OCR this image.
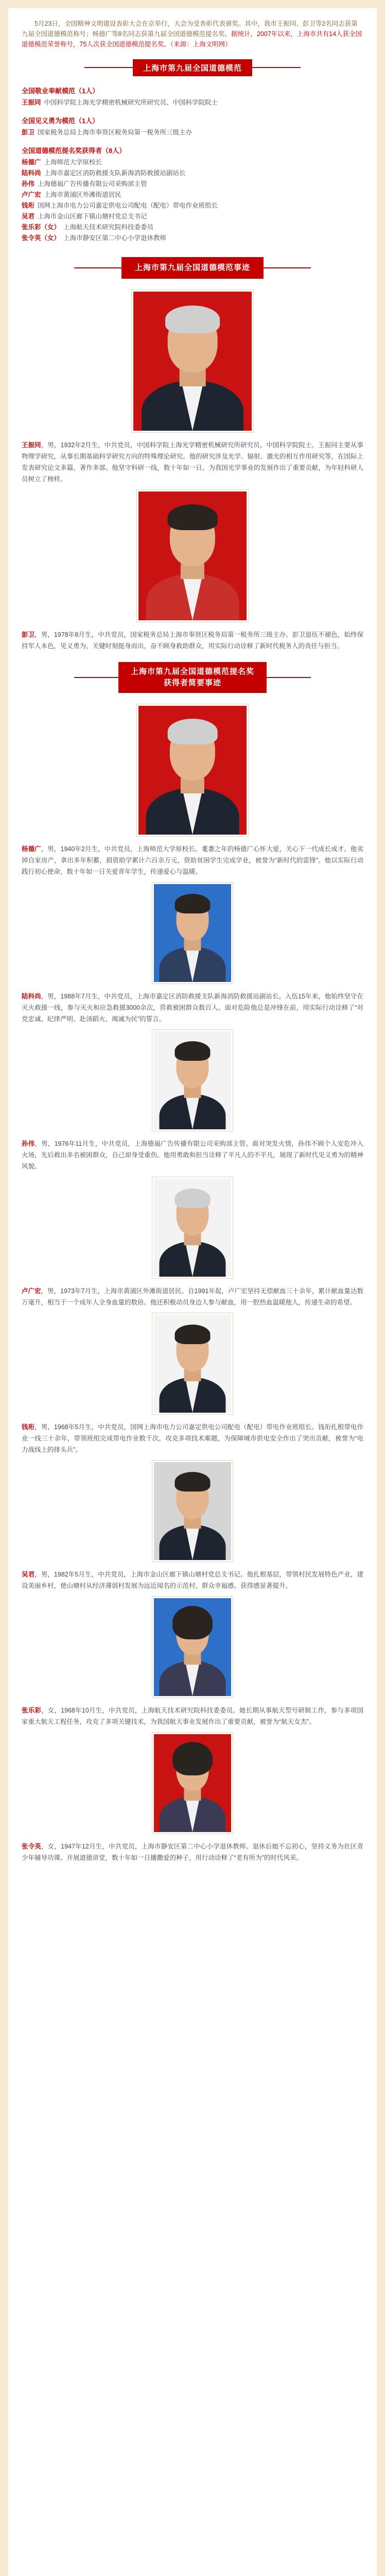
5月23日，全国精神文明建设表彰大会在京举行，大会为受表彰代表颁奖。其中，我市王振同、彭卫等2名同志获第九届全国道德模范称号；杨德广等8名同志获第九届全国道德模范提名奖。据统计，2007年以来，上海市共有14人获全国道德模范荣誉称号，75人次获全国道德模范提名奖。（来源：上海文明网）

上海市第九届全国道德模范
全国敬业奉献模范（1人）
王振同 中国科学院上海光学精密机械研究所研究员、中国科学院院士
全国见义勇为模范（1人）
彭卫 国家税务总局上海市奉贤区税务局第一税务所三级主办
全国道德模范提名奖获得者（8人）
杨德广 上海师范大学原校长
陆科尚 上海市嘉定区消防救援支队新海消防救援站副站长
孙伟 上海德福广告传播有限公司采购部主管
卢广宏 上海市黄浦区外滩街道居民
钱珩 国网上海市电力公司嘉定供电公司配电（配电）带电作业班组长
吴君 上海市金山区廊下镇山塘村党总支书记
张乐彩（女） 上海航天技术研究院科技委委员
张令英（女） 上海市静安区第二中心小学退休教师
上海市第九届全国道德模范事迹

王振同，男，1932年2月生，中共党员，中国科学院上海光学精密机械研究所研究员，中国科学院院士。王振同主要从事物理学研究，从事长期基础科学研究方向的特殊理论研究。他的研究涉及光学、辐射、激光的相互作用研究等，在国际上发表研究论文多篇，著作多部。他坚守科研一线，数十年如一日，为我国光学事业的发展作出了重要贡献，为年轻科研人员树立了榜样。

彭卫，男，1978年8月生，中共党员，国家税务总局上海市奉贤区税务局第一税务所三级主办。彭卫退伍不褪色，始终保持军人本色，见义勇为，关键时刻挺身而出，奋不顾身救助群众，用实际行动诠释了新时代税务人的责任与担当。

上海市第九届全国道德模范提名奖
获得者简要事迹

杨德广，男，1940年2月生，中共党员，上海师范大学原校长。耄耋之年的杨德广心怀大爱，关心下一代成长成才。他卖掉自家房产，拿出多年积蓄，捐资助学累计六百余万元，资助贫困学生完成学业，被誉为“新时代的雷锋”。他以实际行动践行初心使命，数十年如一日关爱青年学生，传递爱心与温暖。

陆科尚，男，1988年7月生，中共党员，上海市嘉定区消防救援支队新海消防救援站副站长。入伍15年来，他始终坚守在灭火救援一线，参与灭火和应急救援3000余次，营救被困群众数百人。面对危险他总是冲锋在前，用实际行动诠释了“对党忠诚、纪律严明、赴汤蹈火、竭诚为民”的誓言。

孙伟，男，1976年11月生，中共党员，上海德福广告传播有限公司采购部主管。面对突发火情，孙伟不顾个人安危冲入火场，先后救出多名被困群众，自己却身受重伤。他用勇敢和担当诠释了平凡人的不平凡，展现了新时代见义勇为的精神风貌。

卢广宏，男，1973年7月生，上海市黄浦区外滩街道居民。自1991年起，卢广宏坚持无偿献血三十余年，累计献血量达数万毫升，相当于一个成年人全身血量的数倍。他还积极动员身边人参与献血，用一腔热血温暖他人，传递生命的希望。

钱珩，男，1968年5月生，中共党员，国网上海市电力公司嘉定供电公司配电（配电）带电作业班组长。钱珩扎根带电作业一线三十余年，带领班组完成带电作业数千次，攻克多项技术难题，为保障城市供电安全作出了突出贡献，被誉为“电力战线上的排头兵”。

吴君，男，1982年5月生，中共党员，上海市金山区廊下镇山塘村党总支书记。他扎根基层，带领村民发展特色产业，建设美丽乡村，使山塘村从经济薄弱村发展为远近闻名的示范村，群众幸福感、获得感显著提升。

张乐彩，女，1968年10月生，中共党员，上海航天技术研究院科技委委员。她长期从事航天型号研制工作，参与多项国家重大航天工程任务，攻克了多项关键技术，为我国航天事业发展作出了重要贡献，被誉为“航天女杰”。

张令英，女，1947年12月生，中共党员，上海市静安区第二中心小学退休教师。退休后她不忘初心，坚持义务为社区青少年辅导功课、开展道德讲堂，数十年如一日播撒爱的种子，用行动诠释了“老有所为”的时代风采。
